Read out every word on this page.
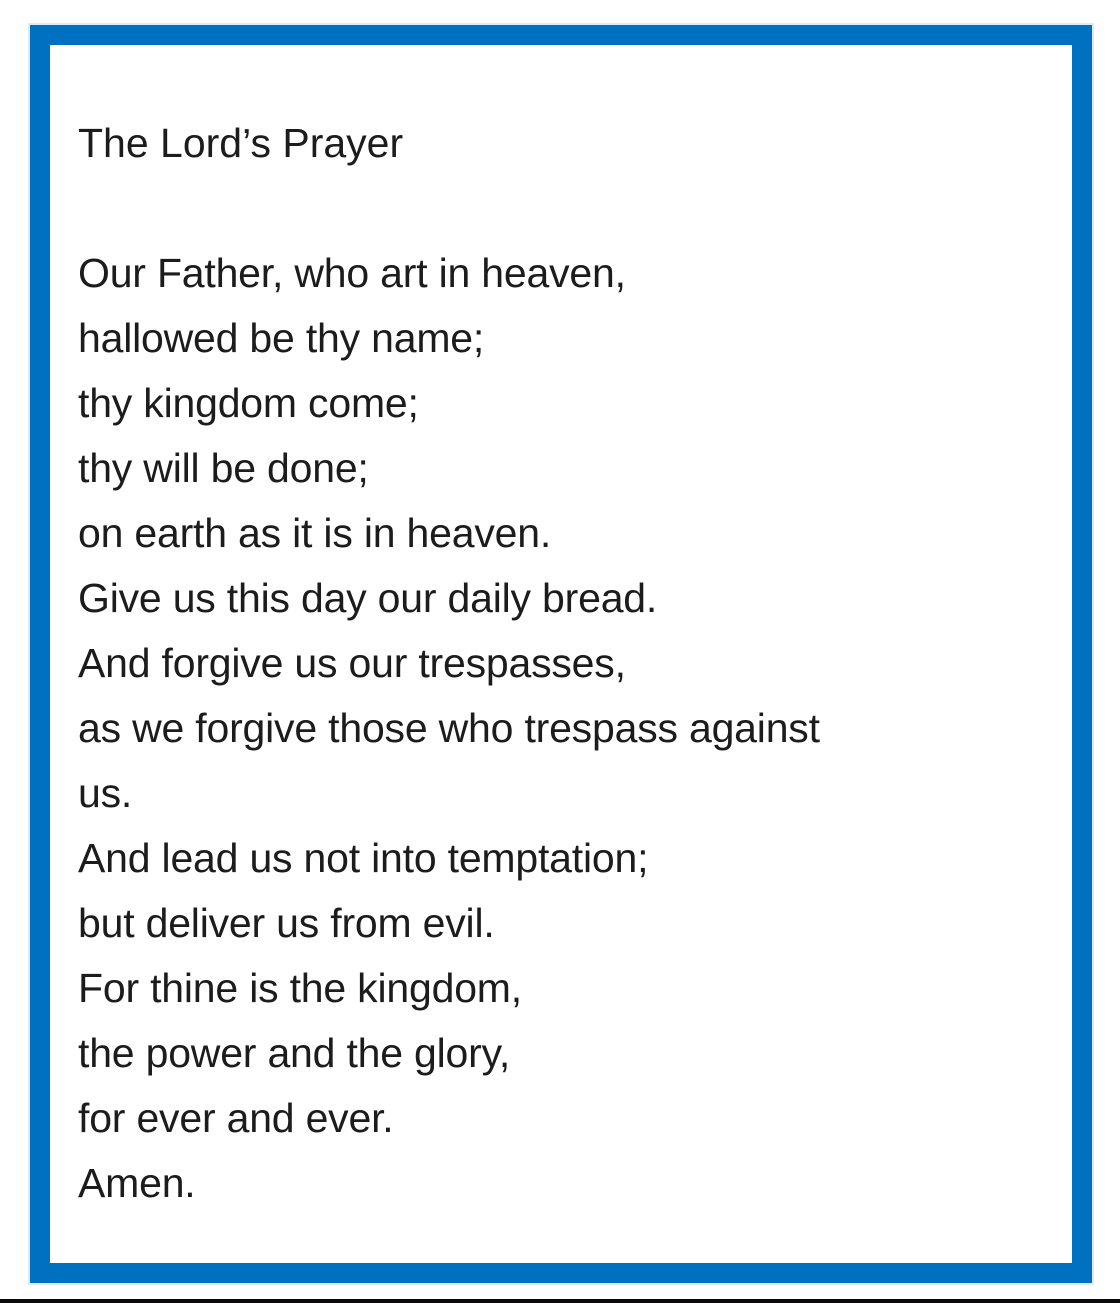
The Lord’s Prayer

Our Father, who art in heaven,

hallowed be thy name;

thy kingdom come;

thy will be done;

on earth as it is in heaven.

Give us this day our daily bread.

And forgive us our trespasses,

as we forgive those who trespass against

us.

And lead us not into temptation;

but deliver us from evil.

For thine is the kingdom,

the power and the glory,

for ever and ever.

Amen.
